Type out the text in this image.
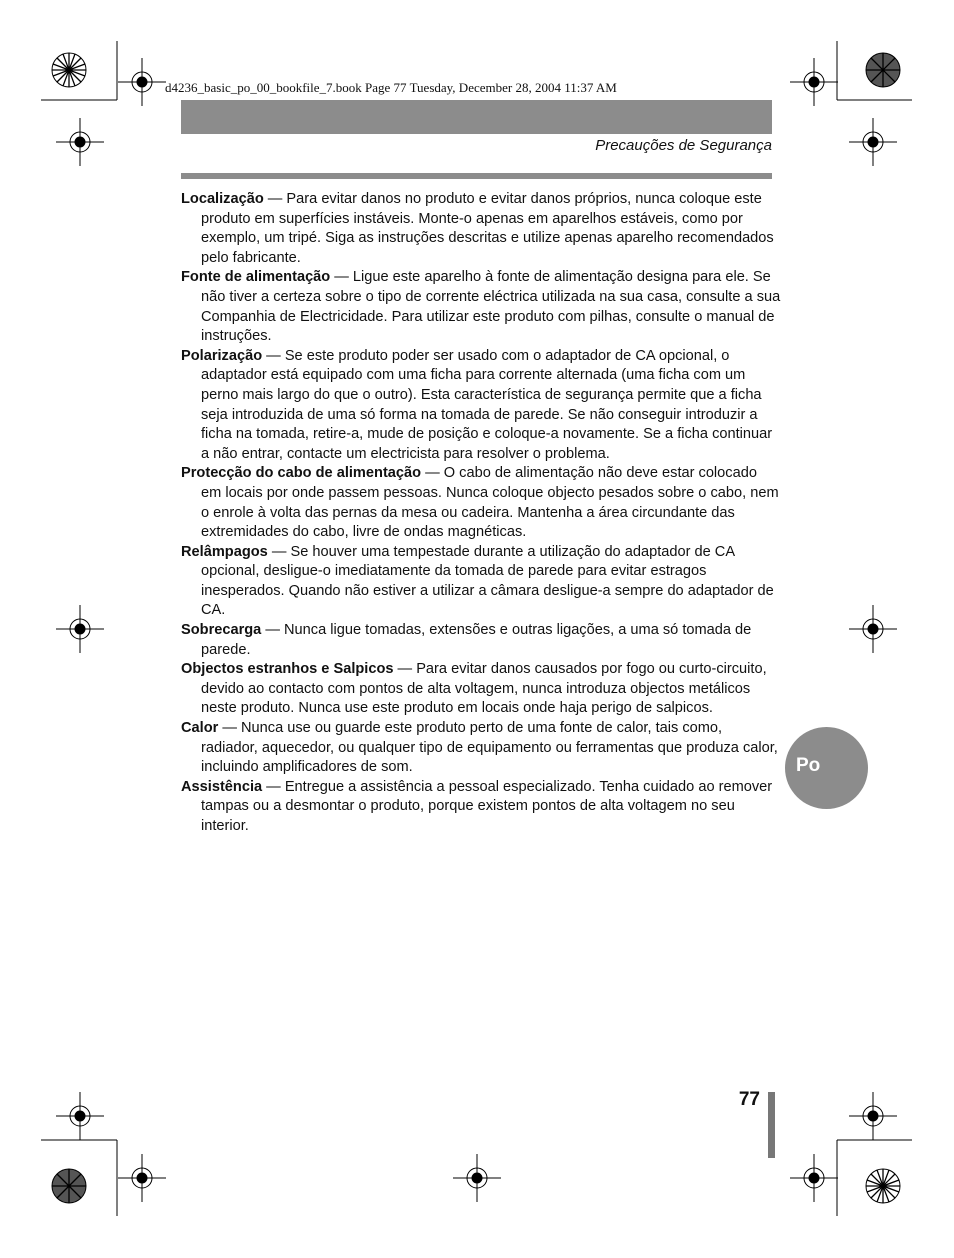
d4236_basic_po_00_bookfile_7.book Page 77 Tuesday, December 28, 2004 11:37 AM
Precauções de Segurança

Localização — Para evitar danos no produto e evitar danos próprios, nunca coloque este produto em superfícies instáveis. Monte-o apenas em aparelhos estáveis, como por exemplo, um tripé. Siga as instruções descritas e utilize apenas aparelho recomendados pelo fabricante.

Fonte de alimentação — Ligue este aparelho à fonte de alimentação designa para ele. Se não tiver a certeza sobre o tipo de corrente eléctrica utilizada na sua casa, consulte a sua Companhia de Electricidade. Para utilizar este produto com pilhas, consulte o manual de instruções.

Polarização — Se este produto poder ser usado com o adaptador de CA opcional, o adaptador está equipado com uma ficha para corrente alternada (uma ficha com um perno mais largo do que o outro). Esta característica de segurança permite que a ficha seja introduzida de uma só forma na tomada de parede. Se não conseguir introduzir a ficha na tomada, retire-a, mude de posição e coloque-a novamente. Se a ficha continuar a não entrar, contacte um electricista para resolver o problema.

Protecção do cabo de alimentação — O cabo de alimentação não deve estar colocado em locais por onde passem pessoas. Nunca coloque objecto pesados sobre o cabo, nem o enrole à volta das pernas da mesa ou cadeira. Mantenha a área circundante das extremidades do cabo, livre de ondas magnéticas.

Relâmpagos — Se houver uma tempestade durante a utilização do adaptador de CA opcional, desligue-o imediatamente da tomada de parede para evitar estragos inesperados. Quando não estiver a utilizar a câmara desligue-a sempre do adaptador de CA.

Sobrecarga — Nunca ligue tomadas, extensões e outras ligações, a uma só tomada de parede.

Objectos estranhos e Salpicos — Para evitar danos causados por fogo ou curto-circuito, devido ao contacto com pontos de alta voltagem, nunca introduza objectos metálicos neste produto. Nunca use este produto em locais onde haja perigo de salpicos.

Calor — Nunca use ou guarde este produto perto de uma fonte de calor, tais como, radiador, aquecedor, ou qualquer tipo de equipamento ou ferramentas que produza calor, incluindo amplificadores de som.

Assistência — Entregue a assistência a pessoal especializado. Tenha cuidado ao remover tampas ou a desmontar o produto, porque existem pontos de alta voltagem no seu interior.

Po
77
